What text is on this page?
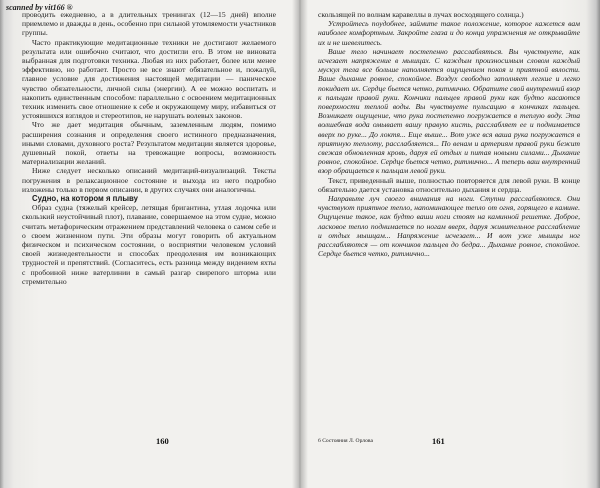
scanned by vit166 ®

проводить ежедневно, а в длительных тренингах (12—15 дней) вполне приемлемо и дважды в день, особенно при сильной утомляемости участников группы.

Часто практикующие медитационные техники не достигают желаемого результата или ошибочно считают, что достигли его. В этом не виновата выбранная для подготовки техника. Любая из них работает, более или менее эффективно, но работает. Просто не все знают обязательное и, пожалуй, главное условие для достижения настоящей медитации — паническое чувство обязательности, личной силы (энергии). А ее можно воспитать и накопить единственным способом: параллельно с освоением медитационных техник изменить свое отношение к себе и окружающему миру, избавиться от устоявшихся взглядов и стереотипов, не нарушать волевых законов.

Что же дает медитация обычным, заземленным людям, помимо расширения сознания и определения своего истинного предназначения, иными словами, духовного роста? Результатом медитации является здоровье, душевный покой, ответы на тревожащие вопросы, возможность материализации желаний.

Ниже следует несколько описаний медитаций-визуализаций. Тексты погружения в релаксационное состояние и выхода из него подробно изложены только в первом описании, в других случаях они аналогичны.

Судно, на котором я плыву

Образ судна (тяжелый крейсер, летящая бригантина, утлая лодочка или скользкий неустойчивый плот), плавание, совершаемое на этом судне, можно считать метафорическим отражением представлений человека о самом себе и о своем жизненном пути. Эти образы могут говорить об актуальном физическом и психическом состоянии, о восприятии человеком условий своей жизнедеятельности и способах преодоления им возникающих трудностей и препятствий. (Согласитесь, есть разница между видением яхты с пробоиной ниже ватерлинии в самый разгар свирепого шторма или стремительно

160

скользящей по волнам каравеллы в лучах восходящего солнца.)

Устройтесь поудобнее, займите такое положение, которое кажется вам наиболее комфортным. Закройте глаза и до конца упражнения не открывайте их и не шевелитесь.

Ваше тело начинает постепенно расслабляться. Вы чувствуете, как исчезает напряжение в мышцах. С каждым произносимым словом каждый мускул тела все больше наполняется ощущением покоя и приятной вялости. Ваше дыхание ровное, спокойное. Воздух свободно заполняет легкие и легко покидает их. Сердце бьется четко, ритмично. Обратите свой внутренний взор к пальцам правой руки. Кончики пальцев правой руки как будто касаются поверхности теплой воды. Вы чувствуете пульсацию в кончиках пальцев. Возникает ощущение, что рука постепенно погружается в теплую воду. Эта волшебная вода омывает вашу правую кисть, расслабляет ее и поднимается вверх по руке... До локтя... Еще выше... Вот уже вся ваша рука погружается в приятную теплоту, расслабляется... По венам и артериям правой руки бежит свежая обновленная кровь, даруя ей отдых и питая новыми силами... Дыхание ровное, спокойное. Сердце бьется четко, ритмично... А теперь ваш внутренний взор обращается к пальцам левой руки.

Текст, приведенный выше, полностью повторяется для левой руки. В конце обязательно дается установка относительно дыхания и сердца.

Направьте луч своего внимания на ноги. Ступни расслабляются. Они чувствуют приятное тепло, напоминающее тепло от огня, горящего в камине. Ощущение такое, как будто ваши ноги стоят на каминной решетке. Доброе, ласковое тепло поднимается по ногам вверх, даруя живительное расслабление и отдых мышцам... Напряжение исчезает... И вот уже мышцы ног расслабляются — от кончиков пальцев до бедра... Дыхание ровное, спокойное. Сердце бьется четко, ритмично...

6 Состояния Л. Орлова	161
